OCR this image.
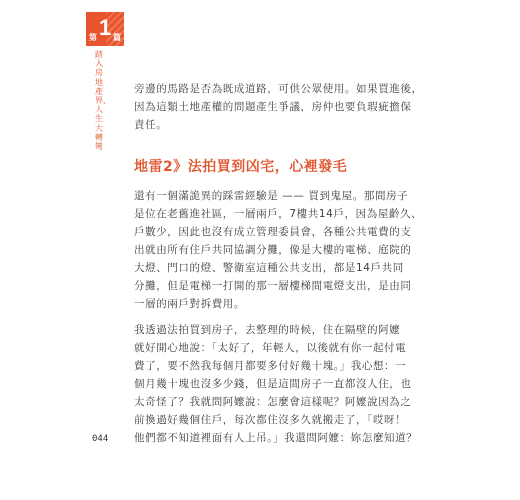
第 1 篇
踏入房地產界，人生大轉彎
旁邊的馬路是否為既成道路，可供公眾使用。如果買進後，
因為這類土地產權的問題產生爭議，房仲也要負瑕疵擔保
責任。
地雷2》法拍買到凶宅，心裡發毛
還有一個滿詭異的踩雷經驗是 —— 買到鬼屋。那間房子
是位在老舊進社區，一層兩戶，7樓共14戶，因為屋齡久、
戶數少，因此也沒有成立管理委員會，各種公共電費的支
出就由所有住戶共同協調分攤，像是大樓的電梯、庭院的
大燈、門口的燈、警衛室這種公共支出，都是14戶共同
分攤，但是電梯一打開的那一層樓梯間電燈支出，是由同
一層的兩戶對拆費用。
我透過法拍買到房子，去整理的時候，住在隔壁的阿嬤
就好開心地說：「太好了，年輕人，以後就有你一起付電
費了，要不然我每個月都要多付好幾十塊。」我心想：一
個月幾十塊也沒多少錢，但是這間房子一直都沒人住，也
太奇怪了？我就問阿嬤說：怎麼會這樣呢？阿嬤說因為之
前換過好幾個住戶，每次都住沒多久就搬走了，「哎呀！
他們都不知道裡面有人上吊。」我還問阿嬤：妳怎麼知道？
044
